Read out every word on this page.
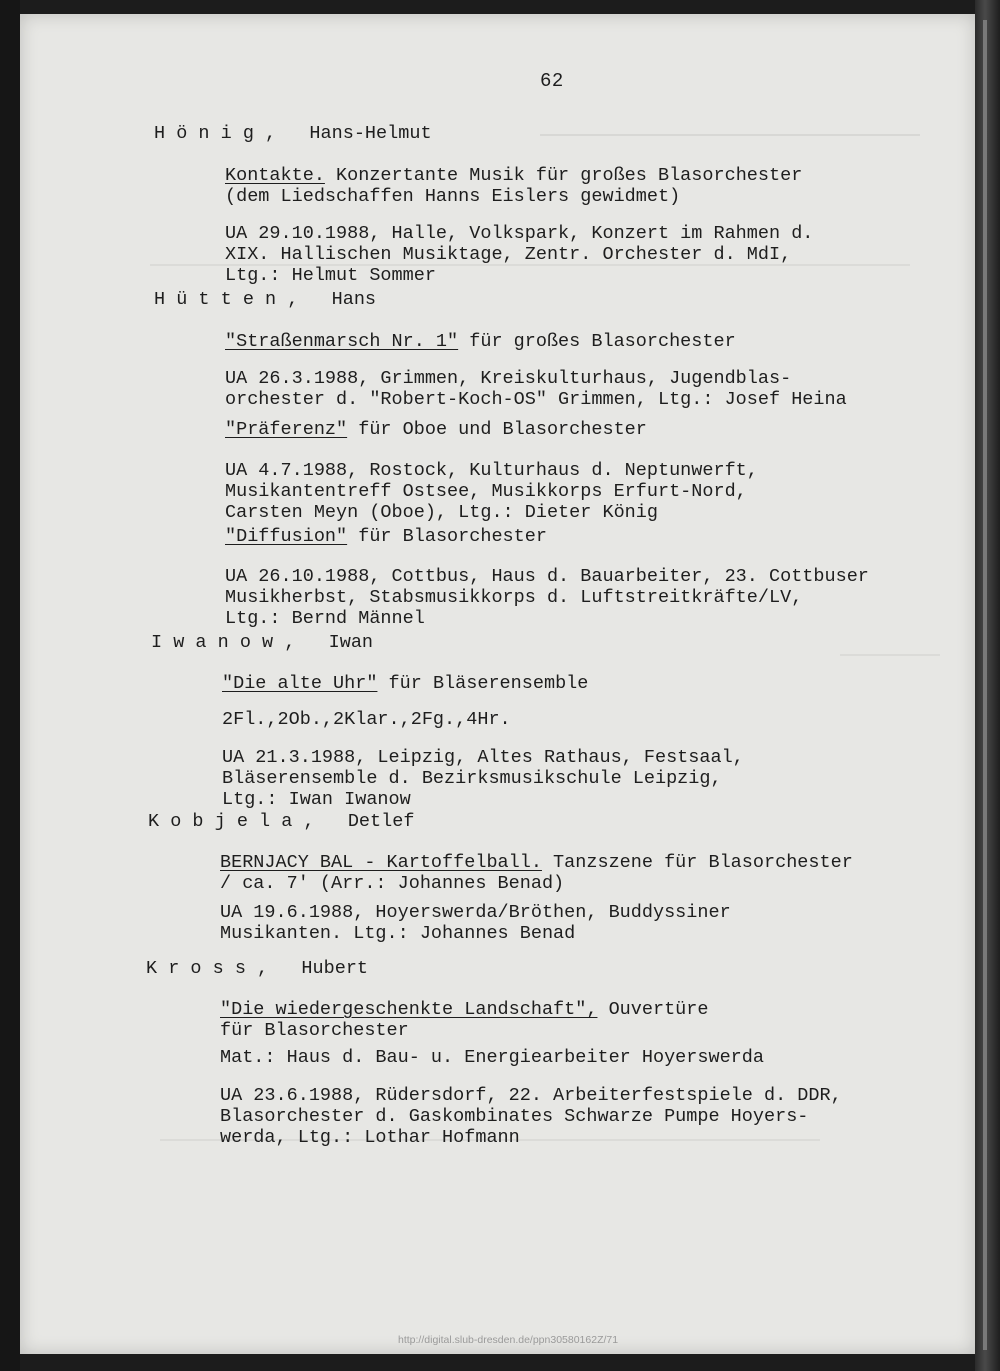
62
H ö n i g ,   Hans-Helmut
Kontakte. Konzertante Musik für großes Blasorchester
(dem Liedschaffen Hanns Eislers gewidmet)
UA 29.10.1988, Halle, Volkspark, Konzert im Rahmen d.
XIX. Hallischen Musiktage, Zentr. Orchester d. MdI,
Ltg.: Helmut Sommer
H ü t t e n ,   Hans
"Straßenmarsch Nr. 1" für großes Blasorchester
UA 26.3.1988, Grimmen, Kreiskulturhaus, Jugendblas-
orchester d. "Robert-Koch-OS" Grimmen, Ltg.: Josef Heina
"Präferenz" für Oboe und Blasorchester
UA 4.7.1988, Rostock, Kulturhaus d. Neptunwerft,
Musikantentreff Ostsee, Musikkorps Erfurt-Nord,
Carsten Meyn (Oboe), Ltg.: Dieter König
"Diffusion" für Blasorchester
UA 26.10.1988, Cottbus, Haus d. Bauarbeiter, 23. Cottbuser
Musikherbst, Stabsmusikkorps d. Luftstreitkräfte/LV,
Ltg.: Bernd Männel
I w a n o w ,   Iwan
"Die alte Uhr" für Bläserensemble
2Fl.,2Ob.,2Klar.,2Fg.,4Hr.
UA 21.3.1988, Leipzig, Altes Rathaus, Festsaal,
Bläserensemble d. Bezirksmusikschule Leipzig,
Ltg.: Iwan Iwanow
K o b j e l a ,   Detlef
BERNJACY BAL - Kartoffelball. Tanzszene für Blasorchester
/ ca. 7' (Arr.: Johannes Benad)
UA 19.6.1988, Hoyerswerda/Bröthen, Buddyssiner
Musikanten. Ltg.: Johannes Benad
K r o s s ,   Hubert
"Die wiedergeschenkte Landschaft", Ouvertüre
für Blasorchester
Mat.: Haus d. Bau- u. Energiearbeiter Hoyerswerda
UA 23.6.1988, Rüdersdorf, 22. Arbeiterfestspiele d. DDR,
Blasorchester d. Gaskombinates Schwarze Pumpe Hoyers-
werda, Ltg.: Lothar Hofmann
http://digital.slub-dresden.de/ppn30580162Z/71
